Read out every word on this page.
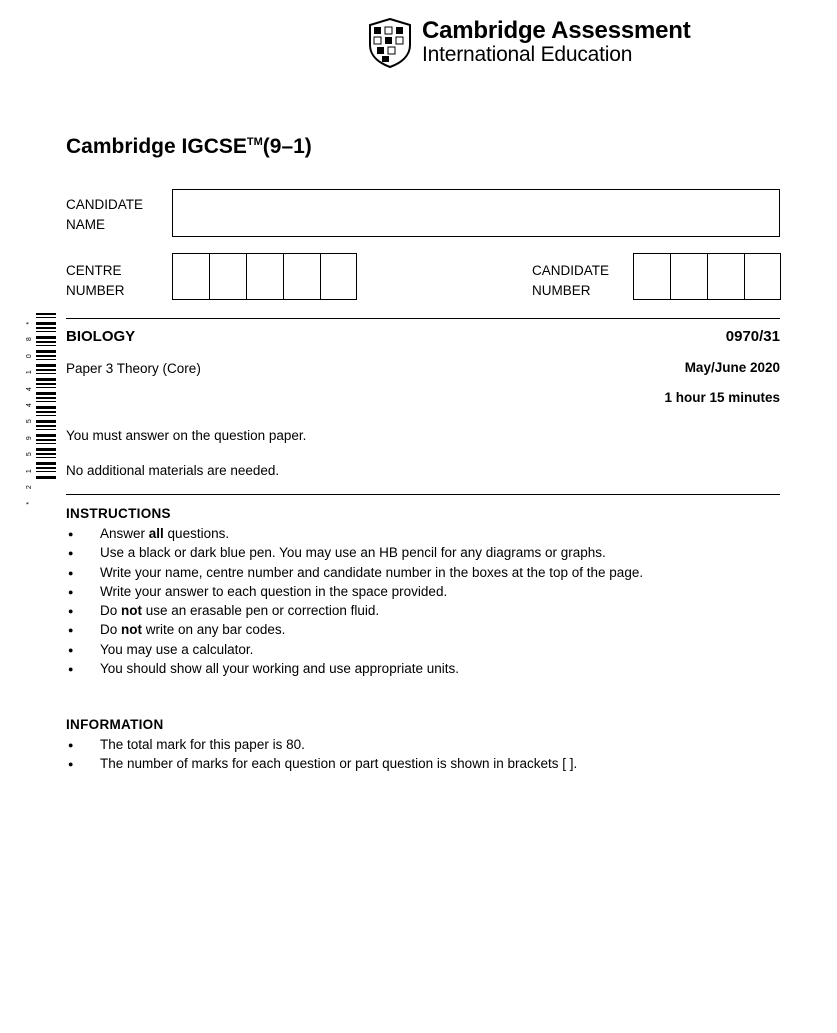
Cambridge Assessment
International Education
Cambridge IGCSE™(9–1)
CANDIDATE
NAME
CENTRE
NUMBER
CANDIDATE
NUMBER
*
8
0
1
4
4
5
9
5
1
2
*
BIOLOGY	0970/31
Paper 3 Theory (Core)	May/June 2020
1 hour 15 minutes
You must answer on the question paper.
No additional materials are needed.
INSTRUCTIONS
● Answer all questions.
● Use a black or dark blue pen. You may use an HB pencil for any diagrams or graphs.
● Write your name, centre number and candidate number in the boxes at the top of the page.
● Write your answer to each question in the space provided.
● Do not use an erasable pen or correction fluid.
● Do not write on any bar codes.
● You may use a calculator.
● You should show all your working and use appropriate units.
INFORMATION
● The total mark for this paper is 80.
● The number of marks for each question or part question is shown in brackets [ ].
